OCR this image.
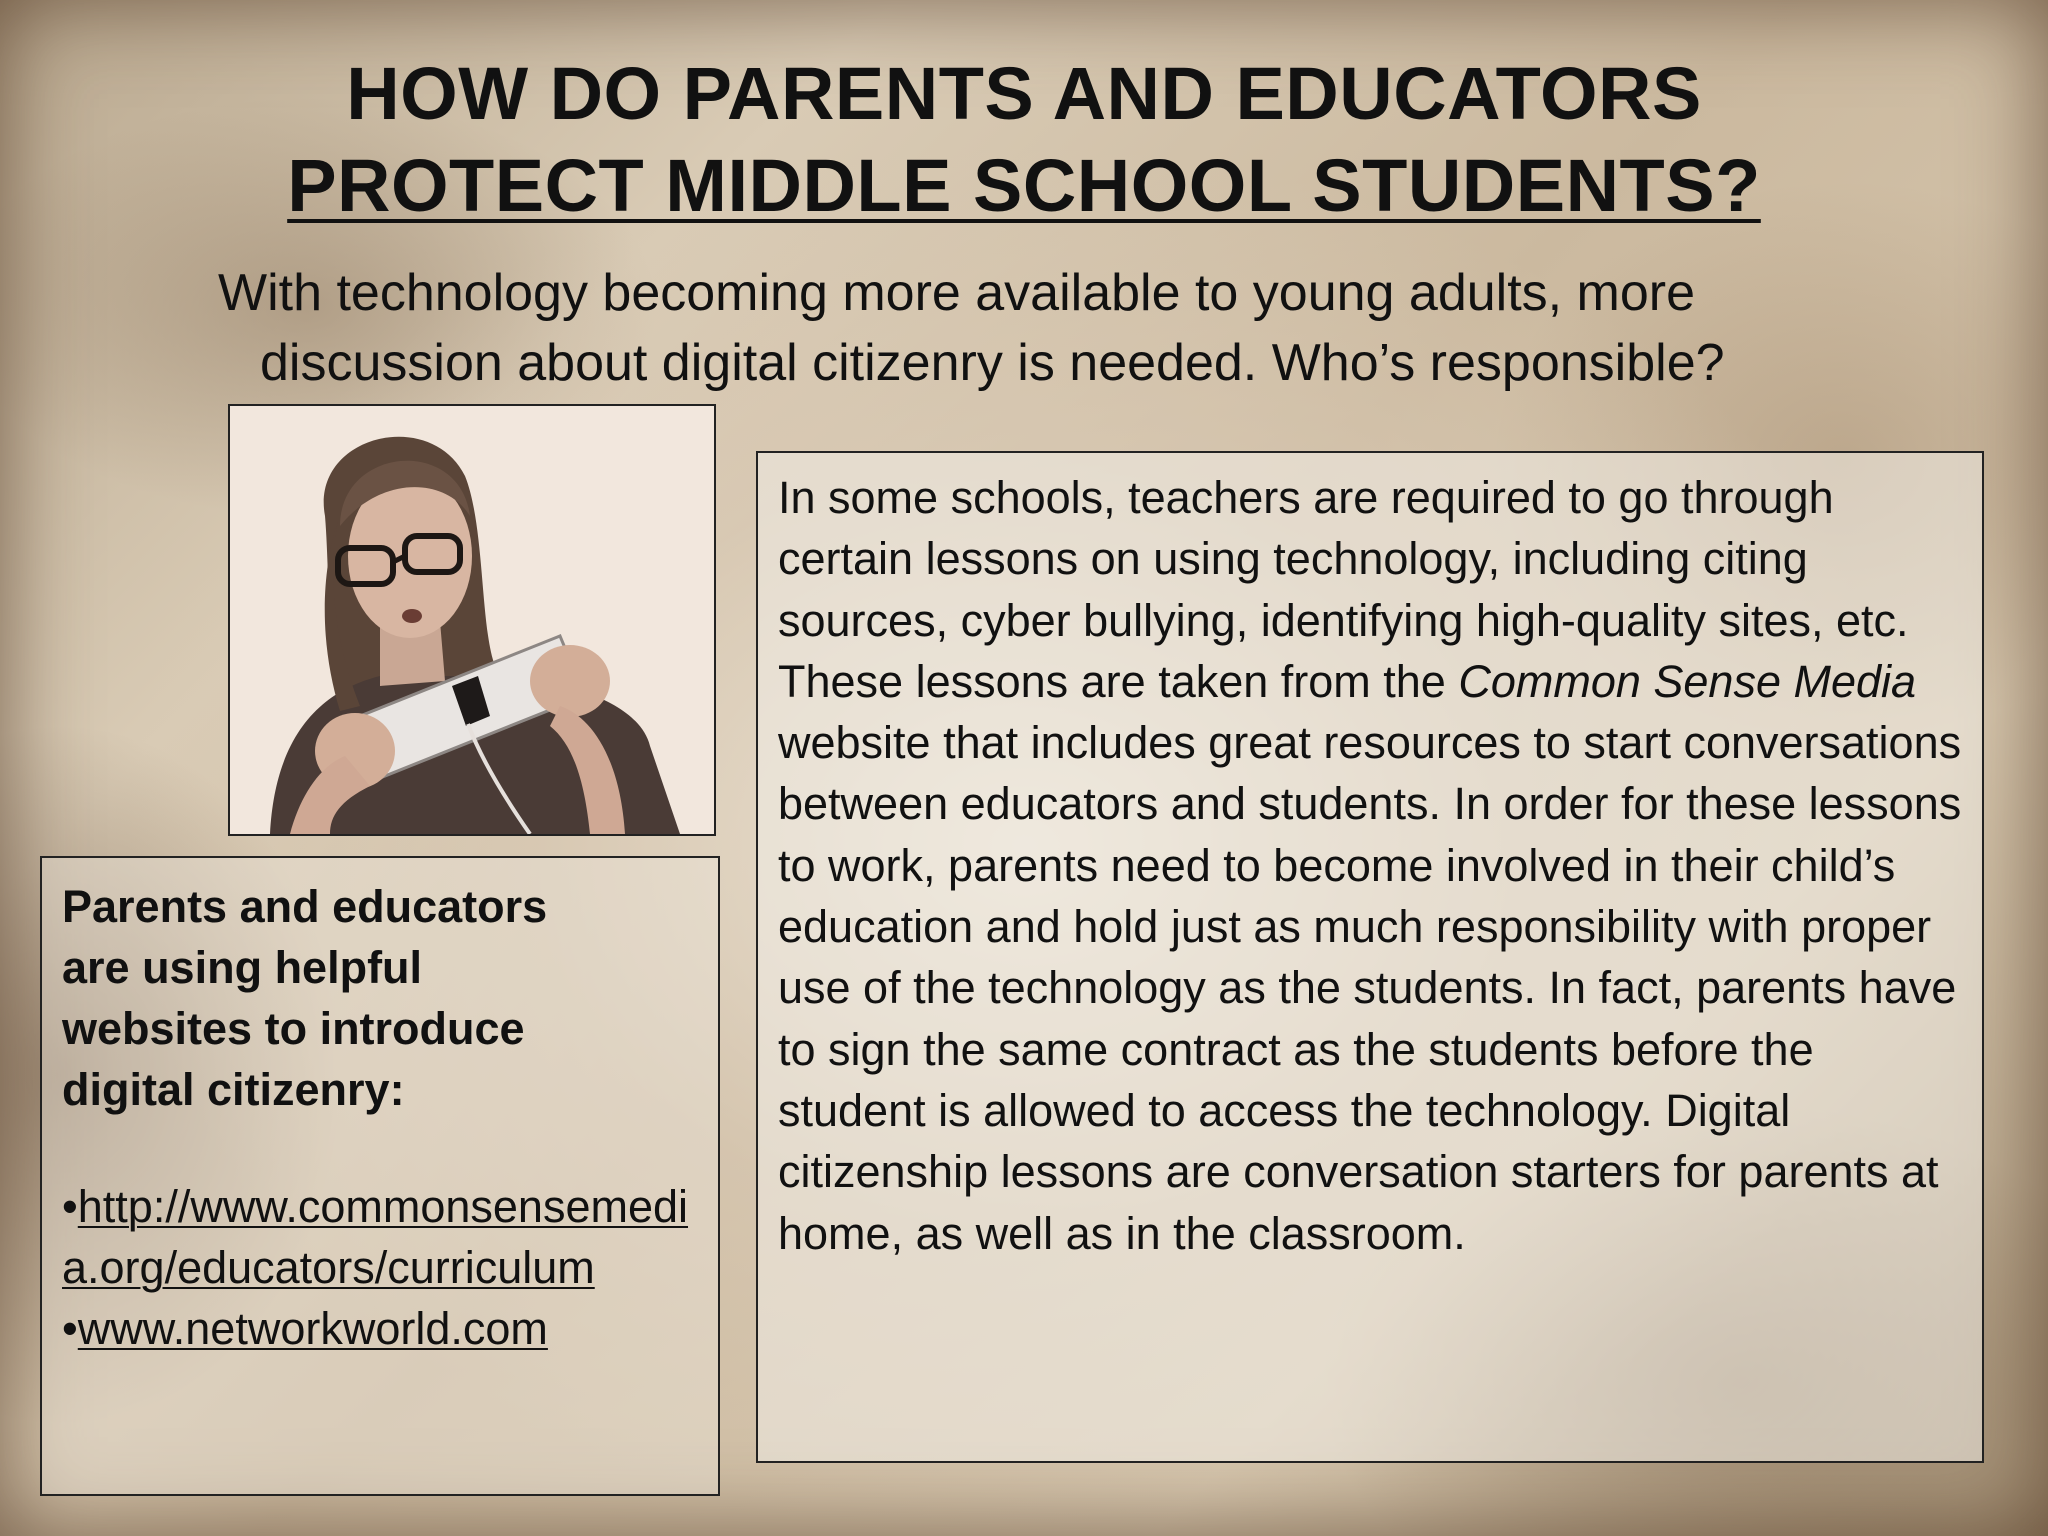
HOW DO PARENTS AND EDUCATORS
PROTECT MIDDLE SCHOOL STUDENTS?
With technology becoming more available to young adults, more
discussion about digital citizenry is needed. Who’s responsible?

Parents and educators are using helpful websites to introduce digital citizenry:

•http://www.commonsensemedia.org/educators/curriculum
•www.networkworld.com
In some schools, teachers are required to go through certain lessons on using technology, including citing sources, cyber bullying, identifying high-quality sites, etc. These lessons are taken from the Common Sense Media website that includes great resources to start conversations between educators and students. In order for these lessons to work, parents need to become involved in their child’s education and hold just as much responsibility with proper use of the technology as the students. In fact, parents have to sign the same contract as the students before the student is allowed to access the technology. Digital citizenship lessons are conversation starters for parents at home, as well as in the classroom.
